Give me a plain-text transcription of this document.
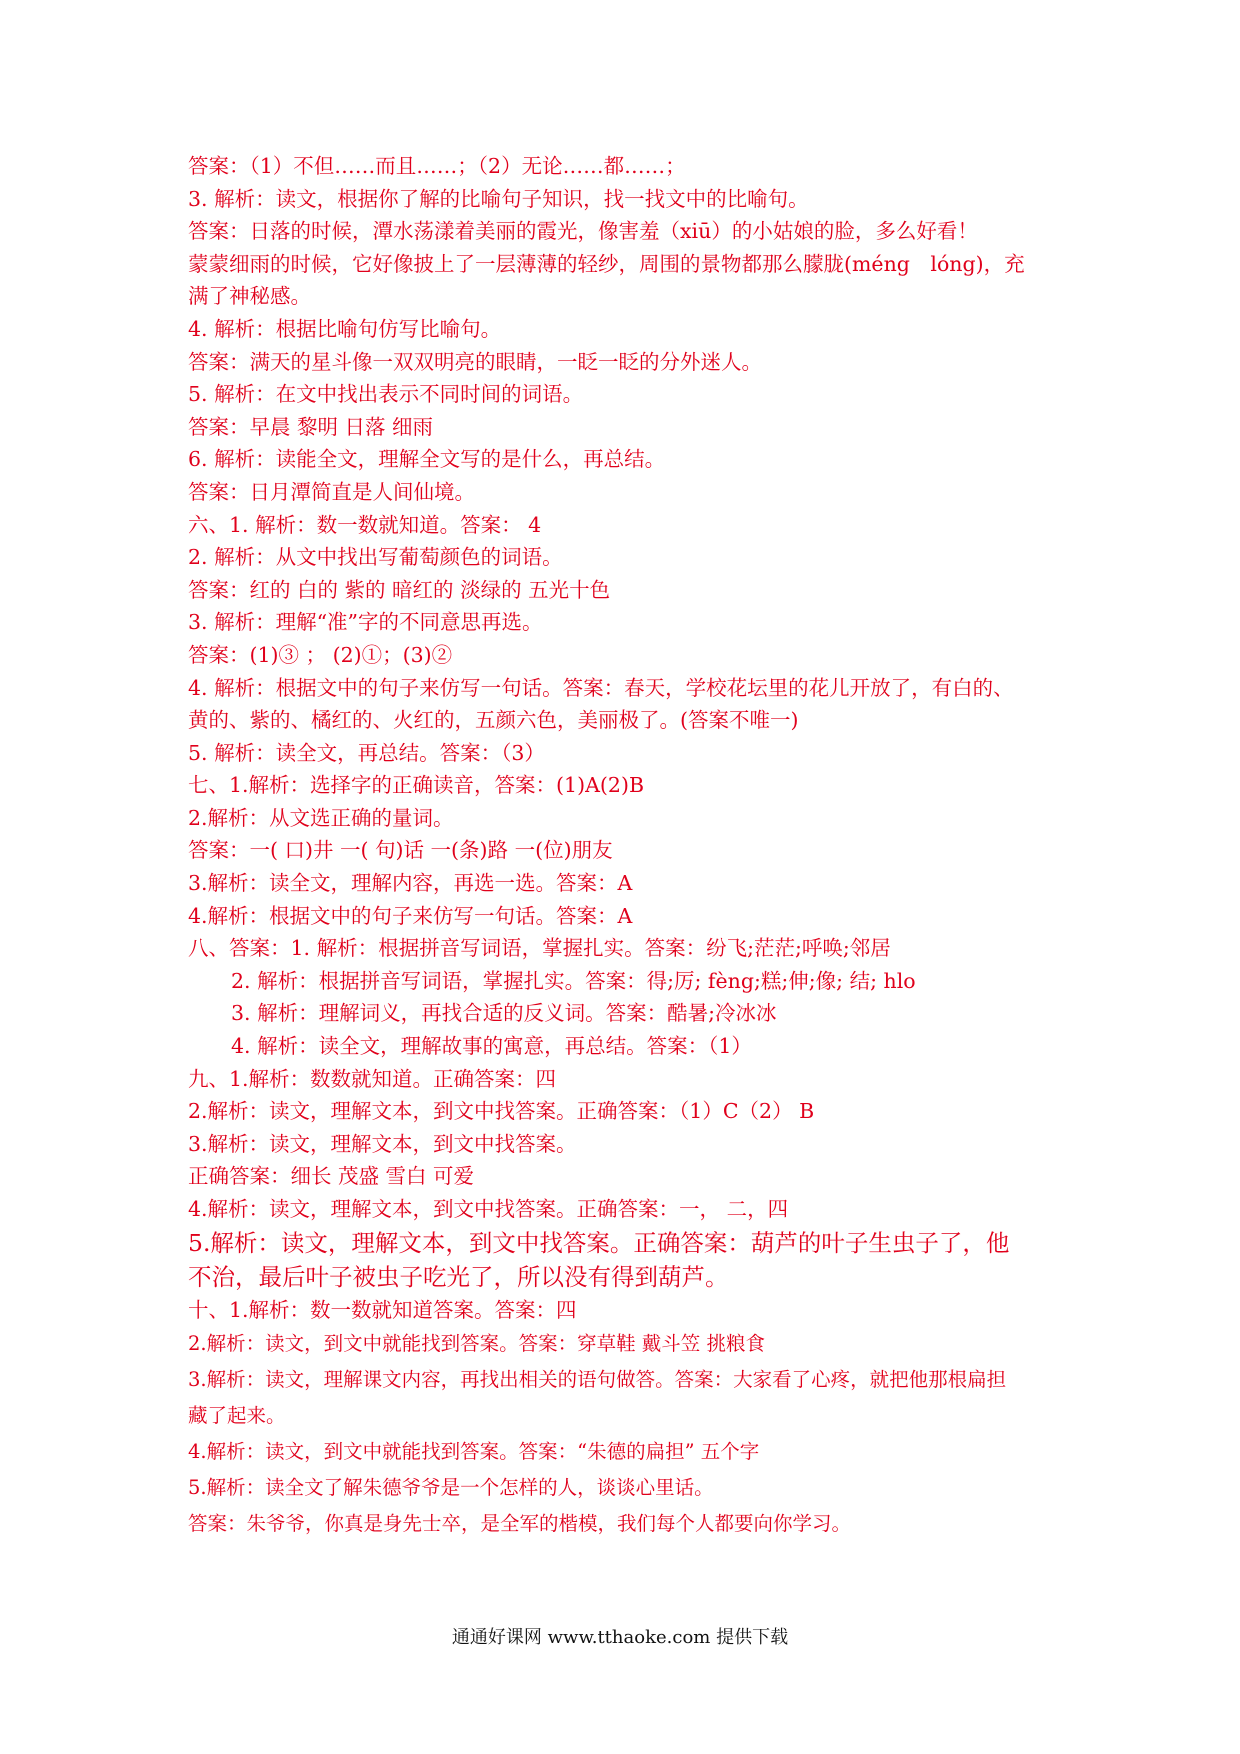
答案：（1）不但……而且……；（2）无论……都……；
3. 解析：读文，根据你了解的比喻句子知识，找一找文中的比喻句。
答案：日落的时候，潭水荡漾着美丽的霞光，像害羞（xiū）的小姑娘的脸，多么好看！
蒙蒙细雨的时候，它好像披上了一层薄薄的轻纱，周围的景物都那么朦胧(méng　lóng)，充
满了神秘感。
4. 解析：根据比喻句仿写比喻句。
答案：满天的星斗像一双双明亮的眼睛，一眨一眨的分外迷人。
5. 解析：在文中找出表示不同时间的词语。
答案：早晨 黎明 日落 细雨
6. 解析：读能全文，理解全文写的是什么，再总结。
答案：日月潭简直是人间仙境。
六、1. 解析：数一数就知道。答案： 4
2. 解析：从文中找出写葡萄颜色的词语。
答案：红的 白的 紫的 暗红的 淡绿的 五光十色
3. 解析：理解“准”字的不同意思再选。
答案：(1)③ ； (2)①；(3)②
4. 解析：根据文中的句子来仿写一句话。答案：春天，学校花坛里的花儿开放了，有白的、
黄的、紫的、橘红的、火红的，五颜六色，美丽极了。(答案不唯一)
5. 解析：读全文，再总结。答案：（3）
七、1.解析：选择字的正确读音，答案：(1)A(2)B
2.解析：从文选正确的量词。
答案：一( 口)井 一( 句)话 一(条)路 一(位)朋友
3.解析：读全文，理解内容，再选一选。答案：A
4.解析：根据文中的句子来仿写一句话。答案：A
八、答案：1. 解析：根据拼音写词语，掌握扎实。答案：纷飞;茫茫;呼唤;邻居
2. 解析：根据拼音写词语，掌握扎实。答案：得;厉; fèng;糕;伸;像; 结; hlo
3. 解析：理解词义，再找合适的反义词。答案：酷暑;冷冰冰
4. 解析：读全文，理解故事的寓意，再总结。答案：（1）
九、1.解析：数数就知道。正确答案：四
2.解析：读文，理解文本，到文中找答案。正确答案：（1）C（2） B
3.解析：读文，理解文本，到文中找答案。
正确答案：细长 茂盛 雪白 可爱
4.解析：读文，理解文本，到文中找答案。正确答案：一， 二，四
5.解析：读文，理解文本，到文中找答案。正确答案：葫芦的叶子生虫子了，他
不治，最后叶子被虫子吃光了，所以没有得到葫芦。
十、1.解析：数一数就知道答案。答案：四
2.解析：读文，到文中就能找到答案。答案：穿草鞋 戴斗笠 挑粮食
3.解析：读文，理解课文内容，再找出相关的语句做答。答案：大家看了心疼，就把他那根扁担
藏了起来。
4.解析：读文，到文中就能找到答案。答案：“朱德的扁担” 五个字
5.解析：读全文了解朱德爷爷是一个怎样的人，谈谈心里话。
答案：朱爷爷，你真是身先士卒，是全军的楷模，我们每个人都要向你学习。
通通好课网 www.tthaoke.com 提供下载
